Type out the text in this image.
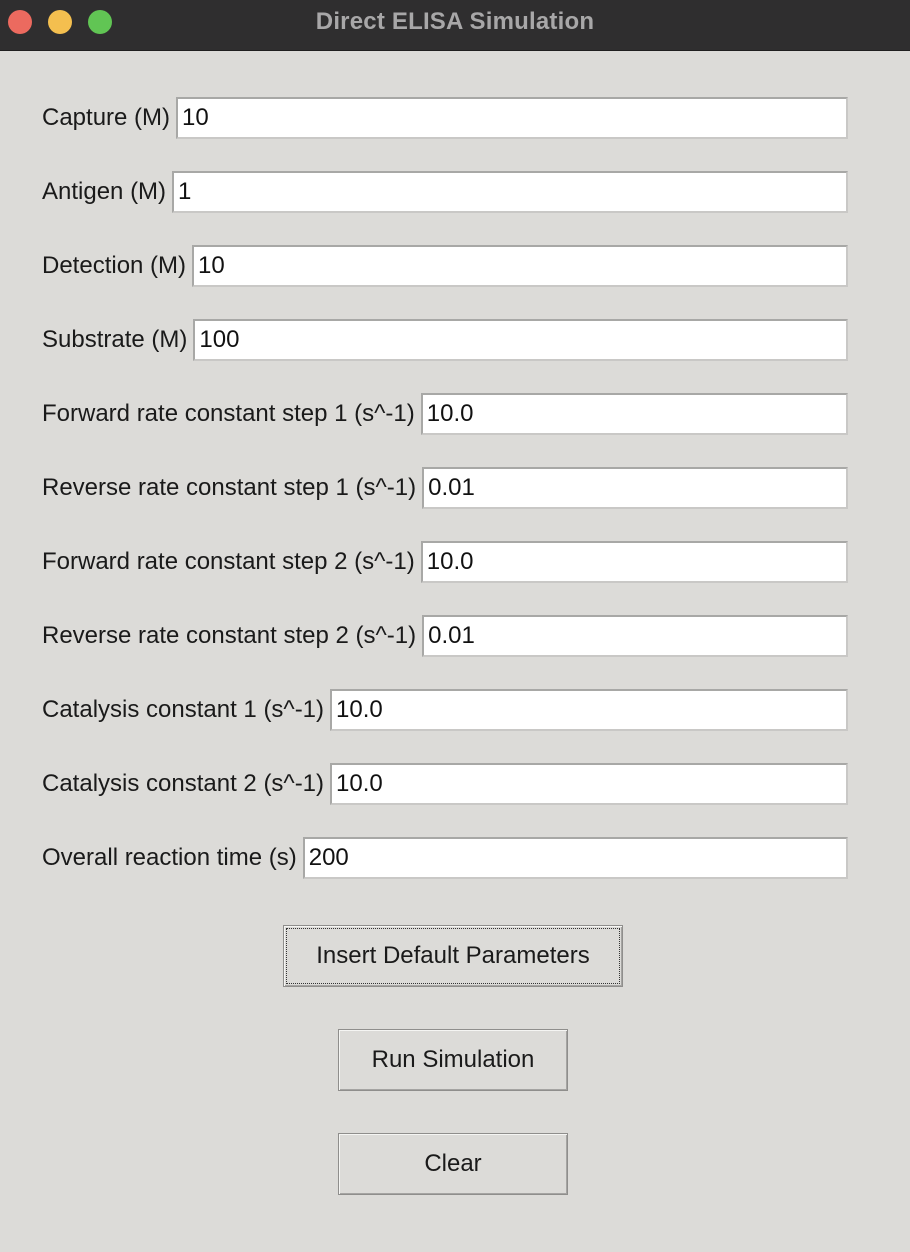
Direct ELISA Simulation
Capture (M)
10
Antigen (M)
1
Detection (M)
10
Substrate (M)
100
Forward rate constant step 1 (s^-1)
10.0
Reverse rate constant step 1 (s^-1)
0.01
Forward rate constant step 2 (s^-1)
10.0
Reverse rate constant step 2 (s^-1)
0.01
Catalysis constant 1 (s^-1)
10.0
Catalysis constant 2 (s^-1)
10.0
Overall reaction time (s)
200
Insert Default Parameters
Run Simulation
Clear
